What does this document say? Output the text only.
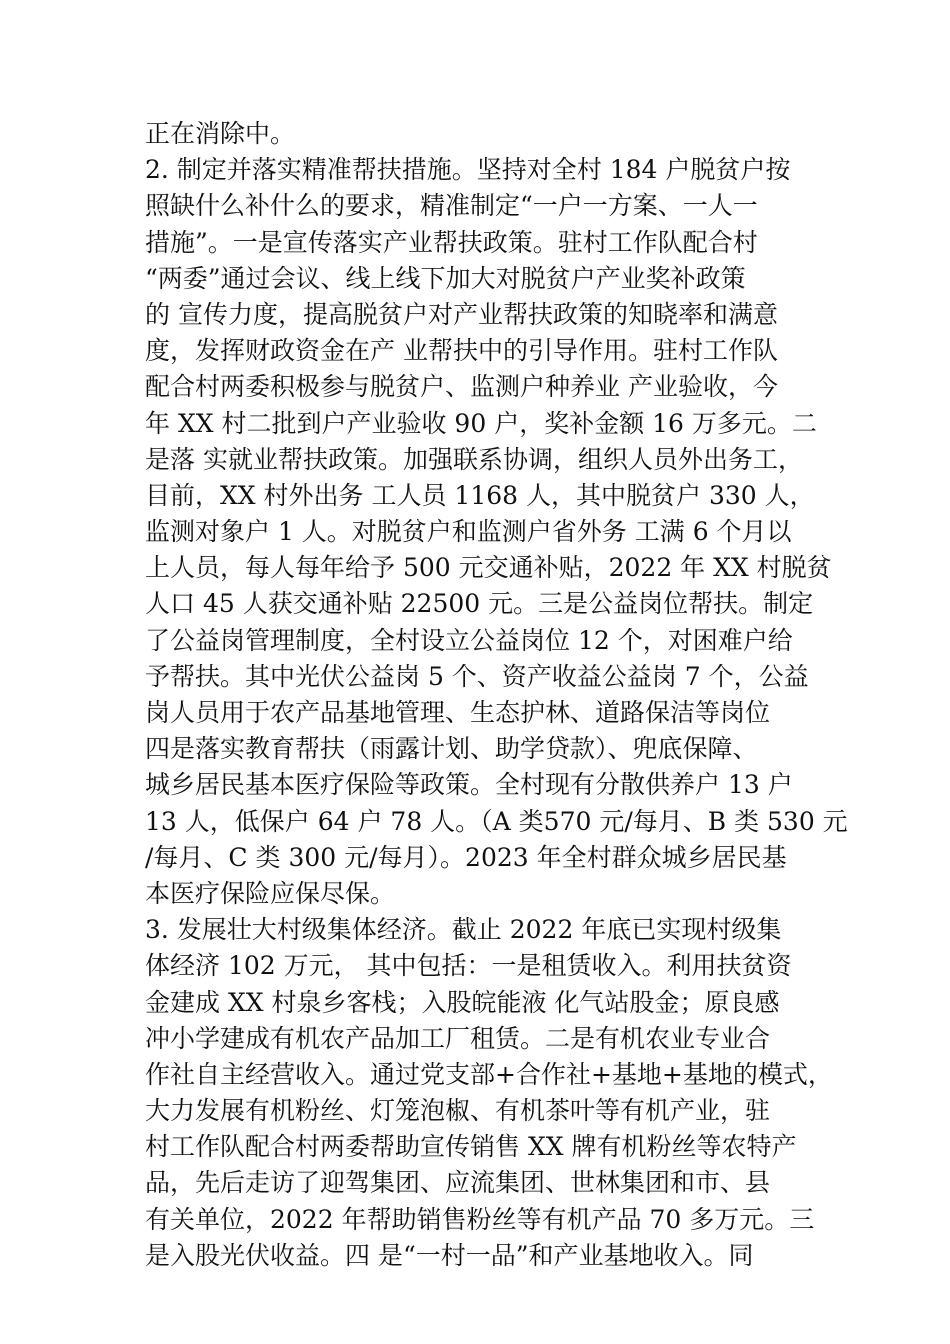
正在消除中。
2. 制定并落实精准帮扶措施。坚持对全村 184 户脱贫户按
照缺什么补什么的要求，精准制定“一户一方案、一人一
措施”。一是宣传落实产业帮扶政策。驻村工作队配合村
“两委”通过会议、线上线下加大对脱贫户产业奖补政策
的 宣传力度，提高脱贫户对产业帮扶政策的知晓率和满意
度，发挥财政资金在产 业帮扶中的引导作用。驻村工作队
配合村两委积极参与脱贫户、监测户种养业 产业验收，今
年 XX 村二批到户产业验收 90 户，奖补金额 16 万多元。二
是落 实就业帮扶政策。加强联系协调，组织人员外出务工，
目前，XX 村外出务 工人员 1168 人，其中脱贫户 330 人，
监测对象户 1 人。对脱贫户和监测户省外务 工满 6 个月以
上人员，每人每年给予 500 元交通补贴，2022 年 XX 村脱贫
人口 45 人获交通补贴 22500 元。三是公益岗位帮扶。制定
了公益岗管理制度，全村设立公益岗位 12 个，对困难户给
予帮扶。其中光伏公益岗 5 个、资产收益公益岗 7 个，公益
岗人员用于农产品基地管理、生态护林、道路保洁等岗位
四是落实教育帮扶（雨露计划、助学贷款）、兜底保障、
城乡居民基本医疗保险等政策。全村现有分散供养户 13 户
13 人，低保户 64 户 78 人。（A 类570 元/每月、B 类 530 元
/每月、C 类 300 元/每月）。2023 年全村群众城乡居民基
本医疗保险应保尽保。
3. 发展壮大村级集体经济。截止 2022 年底已实现村级集
体经济 102 万元， 其中包括：一是租赁收入。利用扶贫资
金建成 XX 村泉乡客栈；入股皖能液 化气站股金；原良感
冲小学建成有机农产品加工厂租赁。二是有机农业专业合
作社自主经营收入。通过党支部+合作社+基地+基地的模式，
大力发展有机粉丝、灯笼泡椒、有机茶叶等有机产业，驻
村工作队配合村两委帮助宣传销售 XX 牌有机粉丝等农特产
品，先后走访了迎驾集团、应流集团、世林集团和市、县
有关单位，2022 年帮助销售粉丝等有机产品 70 多万元。三
是入股光伏收益。四 是“一村一品”和产业基地收入。同
